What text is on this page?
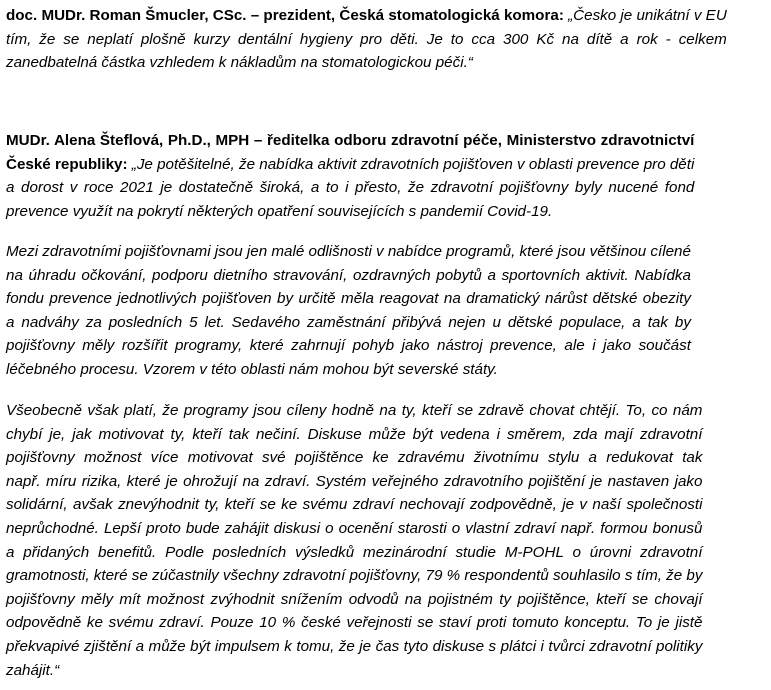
doc. MUDr. Roman Šmucler, CSc. – prezident, Česká stomatologická komora: „Česko je unikátní v EU
tím, že se neplatí plošně kurzy dentální hygieny pro děti. Je to cca 300 Kč na dítě a rok - celkem
zanedbatelná částka vzhledem k nákladům na stomatologickou péči.“

MUDr. Alena Šteflová, Ph.D., MPH – ředitelka odboru zdravotní péče, Ministerstvo zdravotnictví
České republiky: „Je potěšitelné, že nabídka aktivit zdravotních pojišťoven v oblasti prevence pro děti
a dorost v roce 2021 je dostatečně široká, a to i přesto, že zdravotní pojišťovny byly nucené fond
prevence využít na pokrytí některých opatření souvisejících s pandemií Covid-19.

Mezi zdravotními pojišťovnami jsou jen malé odlišnosti v nabídce programů, které jsou většinou cílené
na úhradu očkování, podporu dietního stravování, ozdravných pobytů a sportovních aktivit. Nabídka
fondu prevence jednotlivých pojišťoven by určitě měla reagovat na dramatický nárůst dětské obezity
a nadváhy za posledních 5 let. Sedavého zaměstnání přibývá nejen u dětské populace, a tak by
pojišťovny měly rozšířit programy, které zahrnují pohyb jako nástroj prevence, ale i jako součást
léčebného procesu. Vzorem v této oblasti nám mohou být severské státy.

Všeobecně však platí, že programy jsou cíleny hodně na ty, kteří se zdravě chovat chtějí. To, co nám
chybí je, jak motivovat ty, kteří tak nečiní. Diskuse může být vedena i směrem, zda mají zdravotní
pojišťovny možnost více motivovat své pojištěnce ke zdravému životnímu stylu a redukovat tak
např. míru rizika, které je ohrožují na zdraví. Systém veřejného zdravotního pojištění je nastaven jako
solidární, avšak znevýhodnit ty, kteří se ke svému zdraví nechovají zodpovědně, je v naší společnosti
neprůchodné. Lepší proto bude zahájit diskusi o ocenění starosti o vlastní zdraví např. formou bonusů
a přidaných benefitů. Podle posledních výsledků mezinárodní studie M-POHL o úrovni zdravotní
gramotnosti, které se zúčastnily všechny zdravotní pojišťovny, 79 % respondentů souhlasilo s tím, že by
pojišťovny měly mít možnost zvýhodnit snížením odvodů na pojistném ty pojištěnce, kteří se chovají
odpovědně ke svému zdraví. Pouze 10 % české veřejnosti se staví proti tomuto konceptu. To je jistě
překvapivé zjištění a může být impulsem k tomu, že je čas tyto diskuse s plátci i tvůrci zdravotní politiky
zahájit.“
